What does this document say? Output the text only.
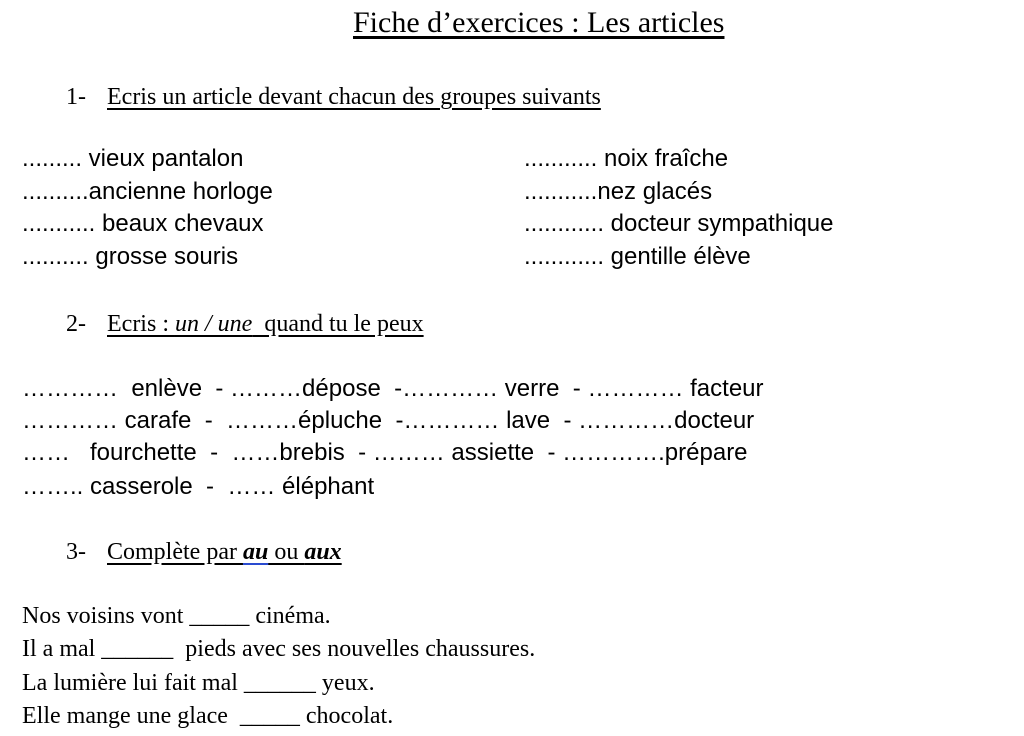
Fiche d’exercices : Les articles
1- Ecris un article devant chacun des groupes suivants
......... vieux pantalon
..........ancienne horloge
........... beaux chevaux
.......... grosse souris
........... noix fraîche
...........nez glacés
............ docteur sympathique
............ gentille élève
2- Ecris : un / une  quand tu le peux
…………  enlève  - ………dépose  -………… verre  - ………… facteur
………… carafe  -  ………épluche  -………… lave  - …………docteur
……   fourchette  -  ……brebis  - ……… assiette  - ………….prépare
…….. casserole  -  …… éléphant
3- Complète par au ou aux
Nos voisins vont _____ cinéma.
Il a mal ______  pieds avec ses nouvelles chaussures.
La lumière lui fait mal ______ yeux.
Elle mange une glace  _____ chocolat.
